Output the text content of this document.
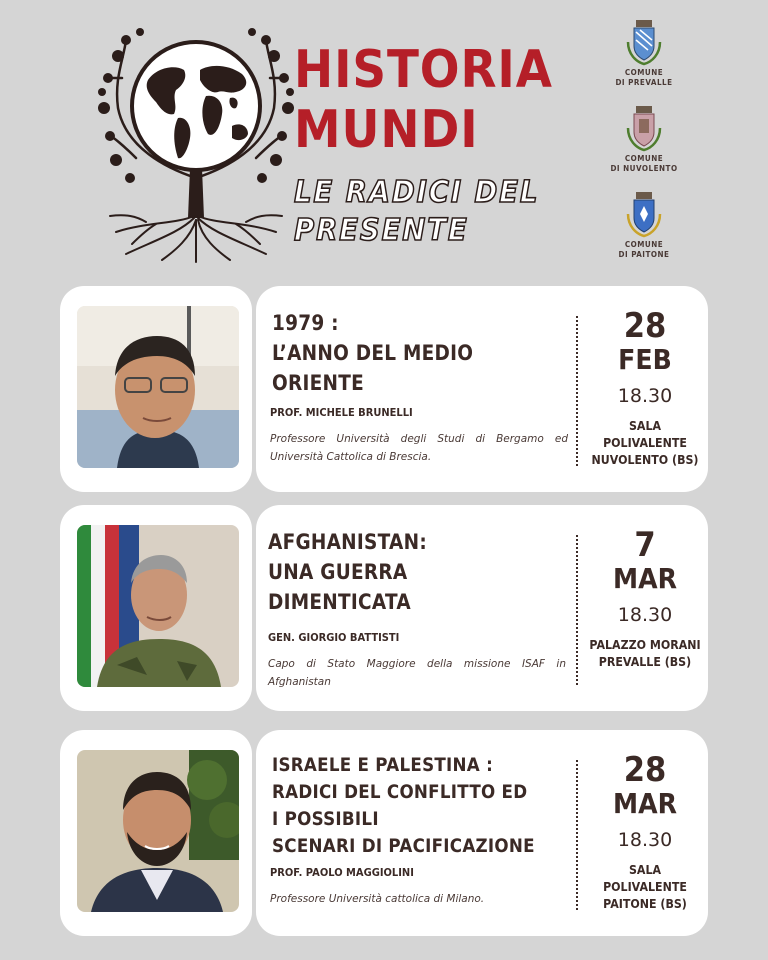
HISTORIA
MUNDI
LE RADICI DEL
PRESENTE
COMUNE
DI PREVALLE
COMUNE
DI NUVOLENTO
COMUNE
DI PAITONE
1979 :
L’ANNO DEL MEDIO ORIENTE
PROF. MICHELE BRUNELLI
Professore Università degli Studi di Bergamo ed Università Cattolica di Brescia.
28
FEB
18.30
SALA POLIVALENTE
NUVOLENTO (BS)
AFGHANISTAN:
UNA GUERRA DIMENTICATA
GEN. GIORGIO BATTISTI
Capo di Stato Maggiore della missione ISAF in Afghanistan
7
MAR
18.30
PALAZZO MORANI
PREVALLE (BS)
ISRAELE E PALESTINA :
RADICI DEL CONFLITTO ED I POSSIBILI
SCENARI DI PACIFICAZIONE
PROF. PAOLO MAGGIOLINI
Professore Università cattolica di Milano.
28
MAR
18.30
SALA POLIVALENTE
PAITONE (BS)
